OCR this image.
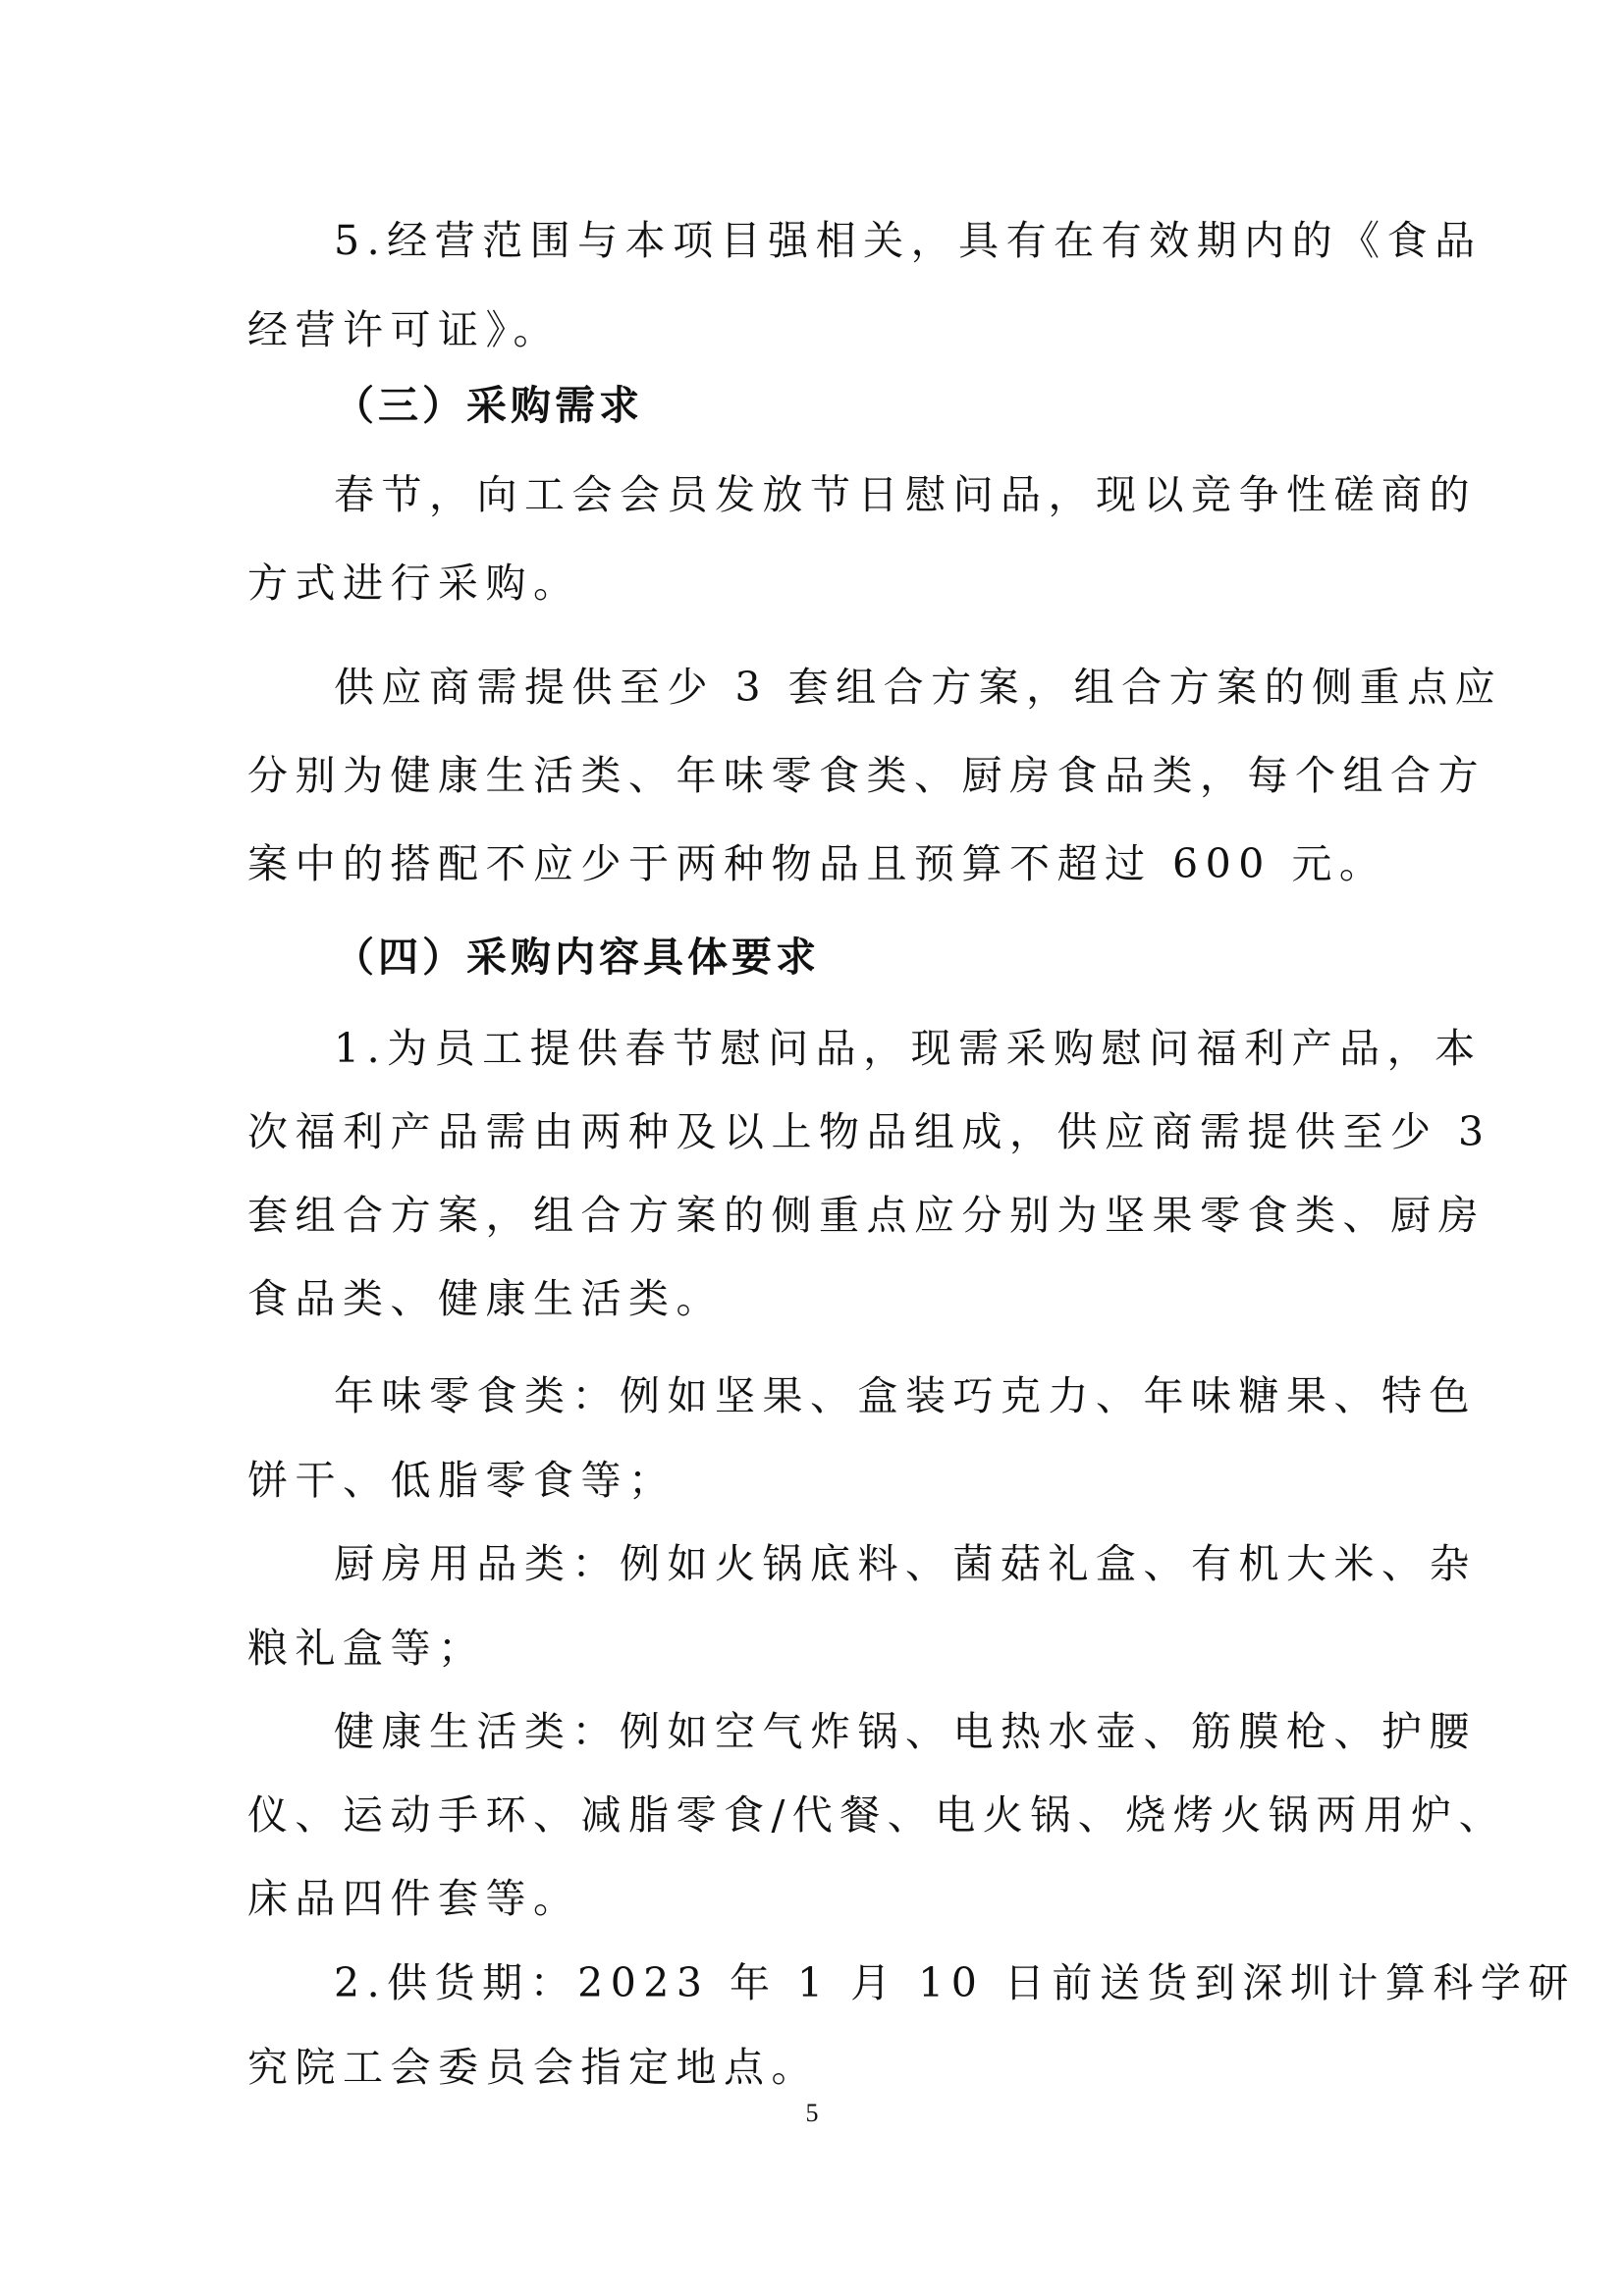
5.经营范围与本项目强相关，具有在有效期内的《食品
经营许可证》。
（三）采购需求
春节，向工会会员发放节日慰问品，现以竞争性磋商的
方式进行采购。
供应商需提供至少 3 套组合方案，组合方案的侧重点应
分别为健康生活类、年味零食类、厨房食品类，每个组合方
案中的搭配不应少于两种物品且预算不超过 600 元。
（四）采购内容具体要求
1.为员工提供春节慰问品，现需采购慰问福利产品，本
次福利产品需由两种及以上物品组成，供应商需提供至少 3
套组合方案，组合方案的侧重点应分别为坚果零食类、厨房
食品类、健康生活类。
年味零食类：例如坚果、盒装巧克力、年味糖果、特色
饼干、低脂零食等；
厨房用品类：例如火锅底料、菌菇礼盒、有机大米、杂
粮礼盒等；
健康生活类：例如空气炸锅、电热水壶、筋膜枪、护腰
仪、运动手环、减脂零食/代餐、电火锅、烧烤火锅两用炉、
床品四件套等。
2.供货期：2023 年 1 月 10 日前送货到深圳计算科学研
究院工会委员会指定地点。
5
